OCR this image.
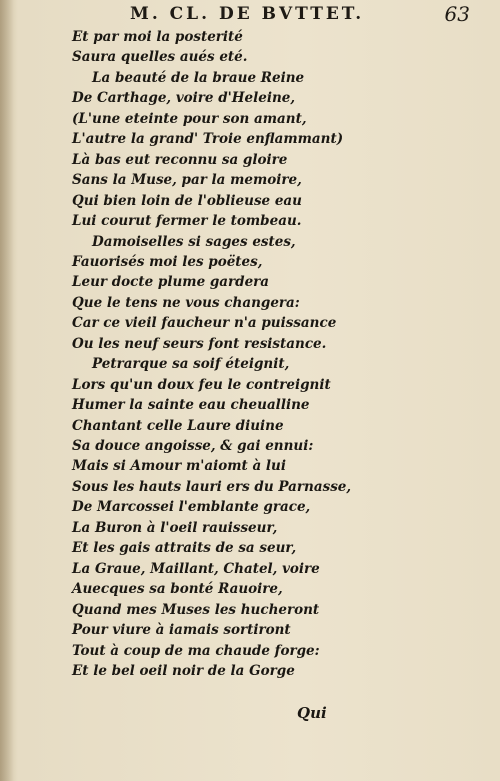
M. CL. DE BVTTET.	63
Et par moi la posterité
Saura quelles aués eté.
La beauté de la braue Reine
De Carthage, voire d'Heleine,
(L'une eteinte pour son amant,
L'autre la grand' Troie enflammant)
Là bas eut reconnu sa gloire
Sans la Muse, par la memoire,
Qui bien loin de l'oblieuse eau
Lui courut fermer le tombeau.
Damoiselles si sages estes,
Fauorisés moi les poëtes,
Leur docte plume gardera
Que le tens ne vous changera:
Car ce vieil faucheur n'a puissance
Ou les neuf seurs font resistance.
Petrarque sa soif éteignit,
Lors qu'un doux feu le contreignit
Humer la sainte eau cheualline
Chantant celle Laure diuine
Sa douce angoisse, & gai ennui:
Mais si Amour m'aiomt à lui
Sous les hauts lauri ers du Parnasse,
De Marcossei l'emblante grace,
La Buron à l'oeil rauisseur,
Et les gais attraits de sa seur,
La Graue, Maillant, Chatel, voire
Auecques sa bonté Rauoire,
Quand mes Muses les hucheront
Pour viure à iamais sortiront
Tout à coup de ma chaude forge:
Et le bel oeil noir de la Gorge
Qui
